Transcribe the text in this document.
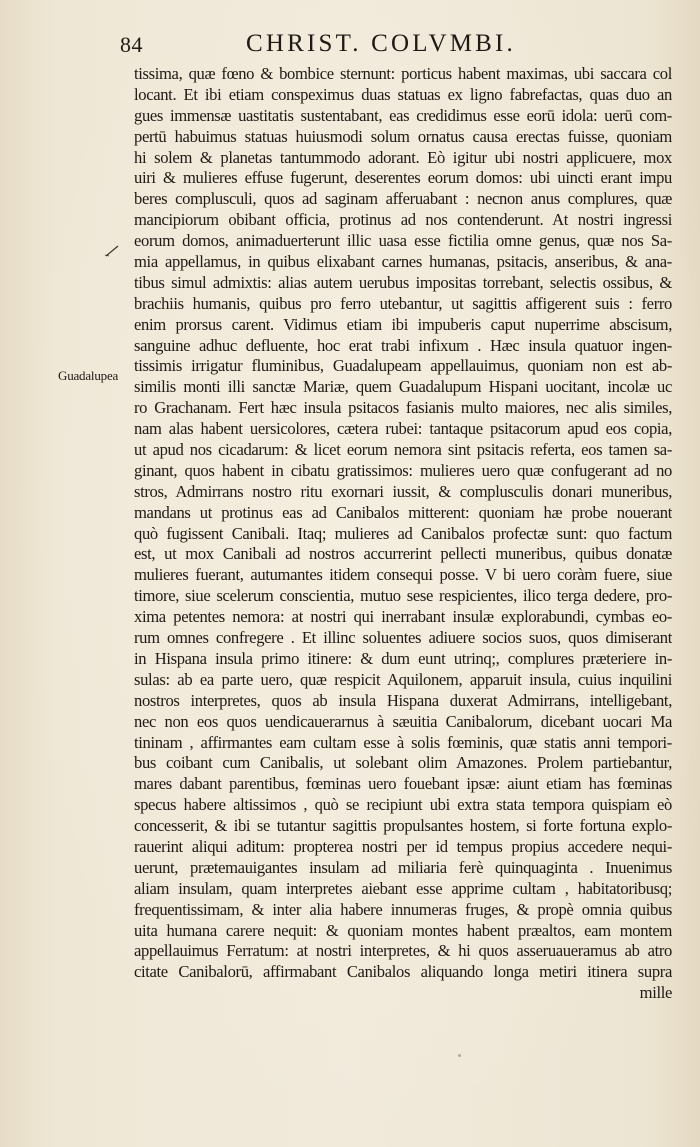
84	CHRIST. COLVMBI.
Guadalupea
tissima, quæ fœno & bombice sternunt: porticus habent maximas, ubi saccara col
locant. Et ibi etiam conspeximus duas statuas ex ligno fabrefactas, quas duo an
gues immensæ uastitatis sustentabant, eas credidimus esse eorū idola: uerū com-
pertū habuimus statuas huiusmodi solum ornatus causa erectas fuisse, quoniam
hi solem & planetas tantummodo adorant. Eò igitur ubi nostri applicuere, mox
uiri & mulieres effuse fugerunt, deserentes eorum domos: ubi uincti erant impu
beres complusculi, quos ad saginam afferuabant : necnon anus complures, quæ
mancipiorum obibant officia, protinus ad nos contenderunt. At nostri ingressi
eorum domos, animaduerterunt illic uasa esse fictilia omne genus, quæ nos Sa-
mia appellamus, in quibus elixabant carnes humanas, psitacis, anseribus, & ana-
tibus simul admixtis: alias autem uerubus impositas torrebant, selectis ossibus, &
brachiis humanis, quibus pro ferro utebantur, ut sagittis affigerent suis : ferro
enim prorsus carent. Vidimus etiam ibi impuberis caput nuperrime abscisum,
sanguine adhuc defluente, hoc erat trabi infixum . Hæc insula quatuor ingen-
tissimis irrigatur fluminibus, Guadalupeam appellauimus, quoniam non est ab-
similis monti illi sanctæ Mariæ, quem Guadalupum Hispani uocitant, incolæ uc
ro Grachanam. Fert hæc insula psitacos fasianis multo maiores, nec alis similes,
nam alas habent uersicolores, cætera rubei: tantaque psitacorum apud eos copia,
ut apud nos cicadarum: & licet eorum nemora sint psitacis referta, eos tamen sa-
ginant, quos habent in cibatu gratissimos: mulieres uero quæ confugerant ad no
stros, Admirrans nostro ritu exornari iussit, & complusculis donari muneribus,
mandans ut protinus eas ad Canibalos mitterent: quoniam hæ probe nouerant
quò fugissent Canibali. Itaq; mulieres ad Canibalos profectæ sunt: quo factum
est, ut mox Canibali ad nostros accurrerint pellecti muneribus, quibus donatæ
mulieres fuerant, autumantes itidem consequi posse. V bi uero coràm fuere, siue
timore, siue scelerum conscientia, mutuo sese respicientes, ilico terga dedere, pro-
xima petentes nemora: at nostri qui inerrabant insulæ explorabundi, cymbas eo-
rum omnes confregere . Et illinc soluentes adiuere socios suos, quos dimiserant
in Hispana insula primo itinere: & dum eunt utrinq;, complures præteriere in-
sulas: ab ea parte uero, quæ respicit Aquilonem, apparuit insula, cuius inquilini
nostros interpretes, quos ab insula Hispana duxerat Admirrans, intelligebant,
nec non eos quos uendicauerarnus à sæuitia Canibalorum, dicebant uocari Ma
tininam , affirmantes eam cultam esse à solis fœminis, quæ statis anni tempori-
bus coibant cum Canibalis, ut solebant olim Amazones. Prolem partiebantur,
mares dabant parentibus, fœminas uero fouebant ipsæ: aiunt etiam has fœminas
specus habere altissimos , quò se recipiunt ubi extra stata tempora quispiam eò
concesserit, & ibi se tutantur sagittis propulsantes hostem, si forte fortuna explo-
rauerint aliqui aditum: propterea nostri per id tempus propius accedere nequi-
uerunt, prætemauigantes insulam ad miliaria ferè quinquaginta . Inuenimus
aliam insulam, quam interpretes aiebant esse apprime cultam , habitatoribusq;
frequentissimam, & inter alia habere innumeras fruges, & propè omnia quibus
uita humana carere nequit: & quoniam montes habent præaltos, eam montem
appellauimus Ferratum: at nostri interpretes, & hi quos asseruaueramus ab atro
citate Canibalorū, affirmabant Canibalos aliquando longa metiri itinera supra
mille
